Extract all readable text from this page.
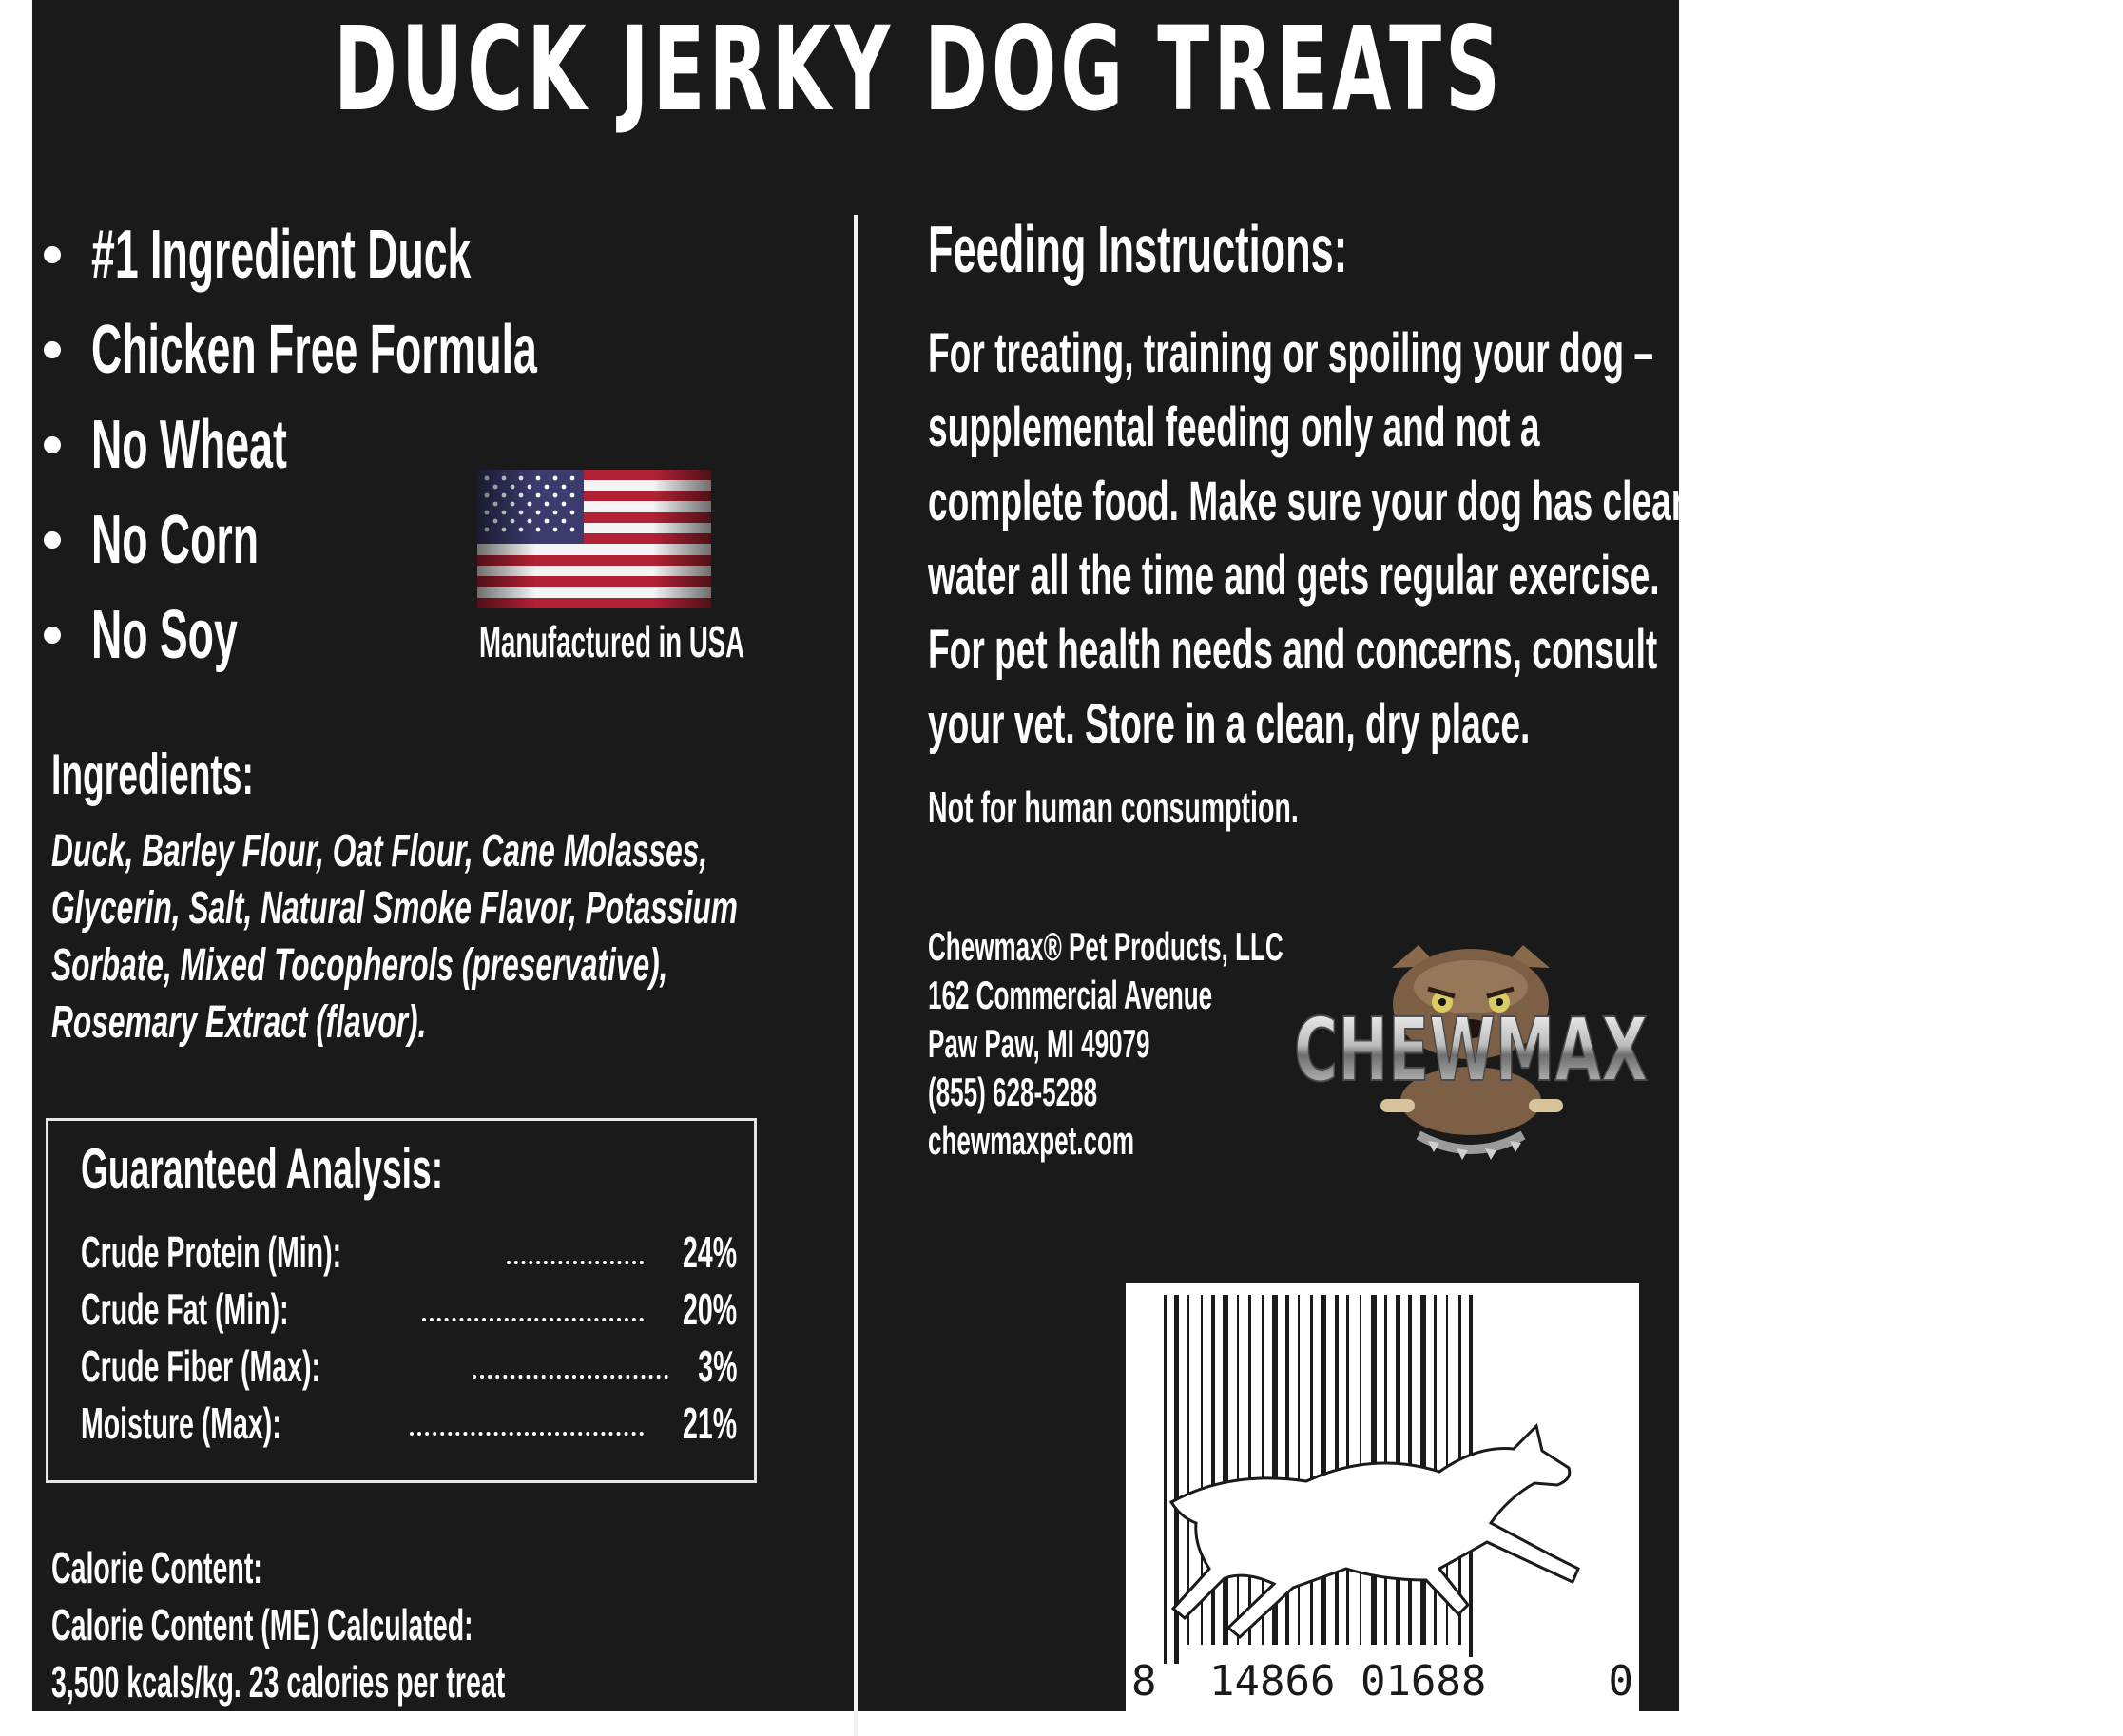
DUCK JERKY DOG TREATS
#1 Ingredient Duck
Chicken Free Formula
No Wheat
No Corn
No Soy	Manufactured in USA
Ingredients:
Duck, Barley Flour, Oat Flour, Cane Molasses,
Glycerin, Salt, Natural Smoke Flavor, Potassium
Sorbate, Mixed Tocopherols (preservative),
Rosemary Extract (flavor).
Guaranteed Analysis:
Crude Protein (Min):	24%
Crude Fat (Min):	20%
Crude Fiber (Max):	3%
Moisture (Max):	21%
Calorie Content:
Calorie Content (ME) Calculated:
3,500 kcals/kg. 23 calories per treat
Feeding Instructions:
For treating, training or spoiling your dog –
supplemental feeding only and not a
complete food. Make sure your dog has clean
water all the time and gets regular exercise.
For pet health needs and concerns, consult
your vet. Store in a clean, dry place.
Not for human consumption.
Chewmax® Pet Products, LLC
162 Commercial Avenue
Paw Paw, MI 49079
(855) 628-5288
chewmaxpet.com
CHEWMAX
8 14866 01688	0
